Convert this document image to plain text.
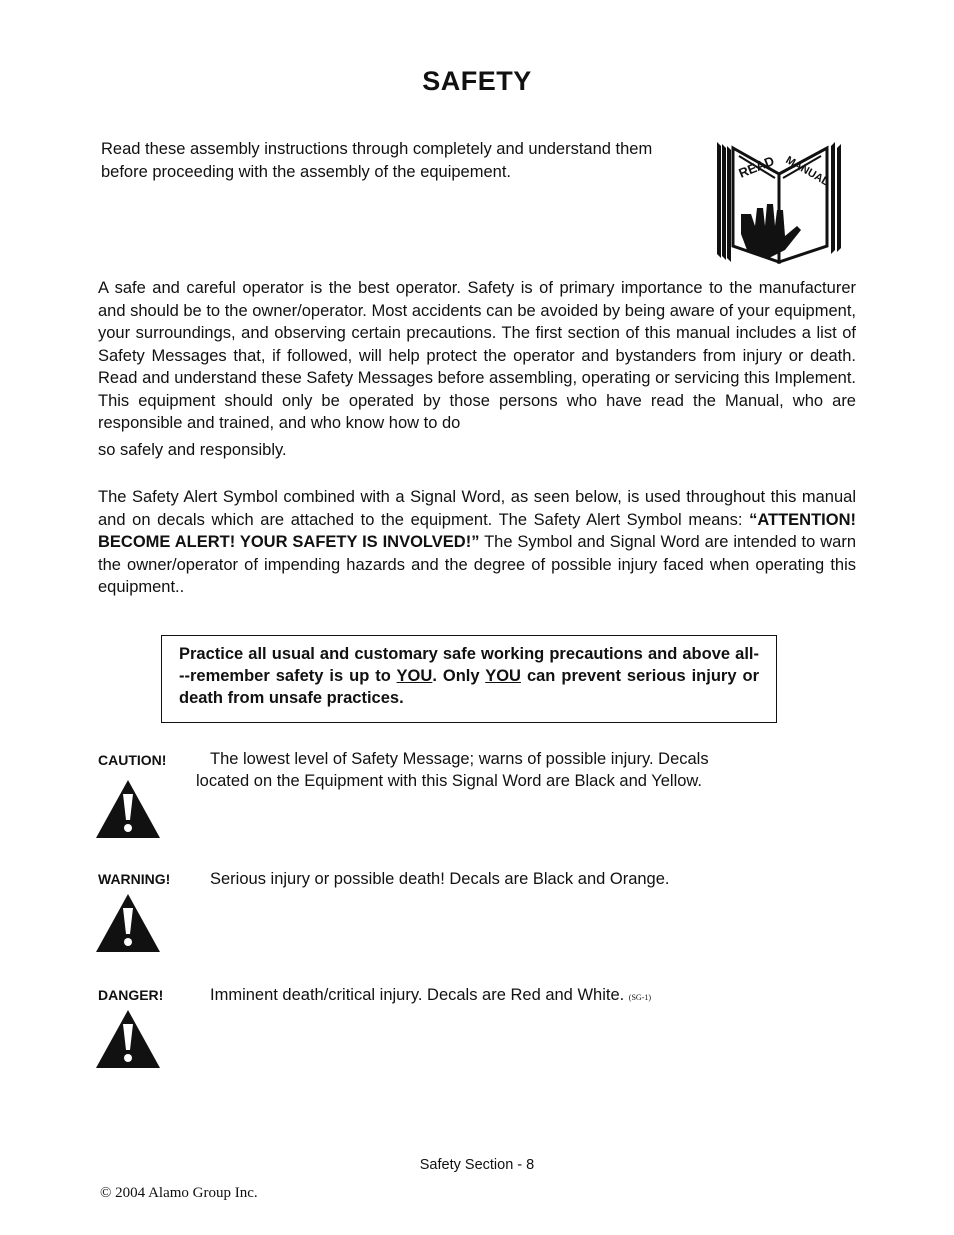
SAFETY
Read these assembly instructions through completely and understand them
before proceeding with the assembly of the equipement.	READ MANUAL
A safe and careful operator is the best operator. Safety is of primary importance to the manufacturer and should be to the owner/operator. Most accidents can be avoided by being aware of your equipment, your surroundings, and observing certain precautions. The first section of this manual includes a list of Safety Messages that, if followed, will help protect the operator and bystanders from injury or death. Read and understand these Safety Messages before assembling, operating or servicing this Implement. This equipment should only be operated by those persons who have read the Manual, who are responsible and trained, and who know how to do
so safely and responsibly.
The Safety Alert Symbol combined with a Signal Word, as seen below, is used throughout this manual and on decals which are attached to the equipment. The Safety Alert Symbol means: “ATTENTION! BECOME ALERT! YOUR SAFETY IS INVOLVED!” The Symbol and Signal Word are intended to warn the owner/operator of impending hazards and the degree of possible injury faced when operating this equipment..
Practice all usual and customary safe working precautions and above all---remember safety is up to YOU. Only YOU can prevent serious injury or death from unsafe practices.
CAUTION!	The lowest level of Safety Message; warns of possible injury. Decals
located on the Equipment with this Signal Word are Black and Yellow.
WARNING! Serious injury or possible death! Decals are Black and Orange.
DANGER!	Imminent death/critical injury. Decals are Red and White. (SG-1)
Safety Section - 8
© 2004 Alamo Group Inc.
